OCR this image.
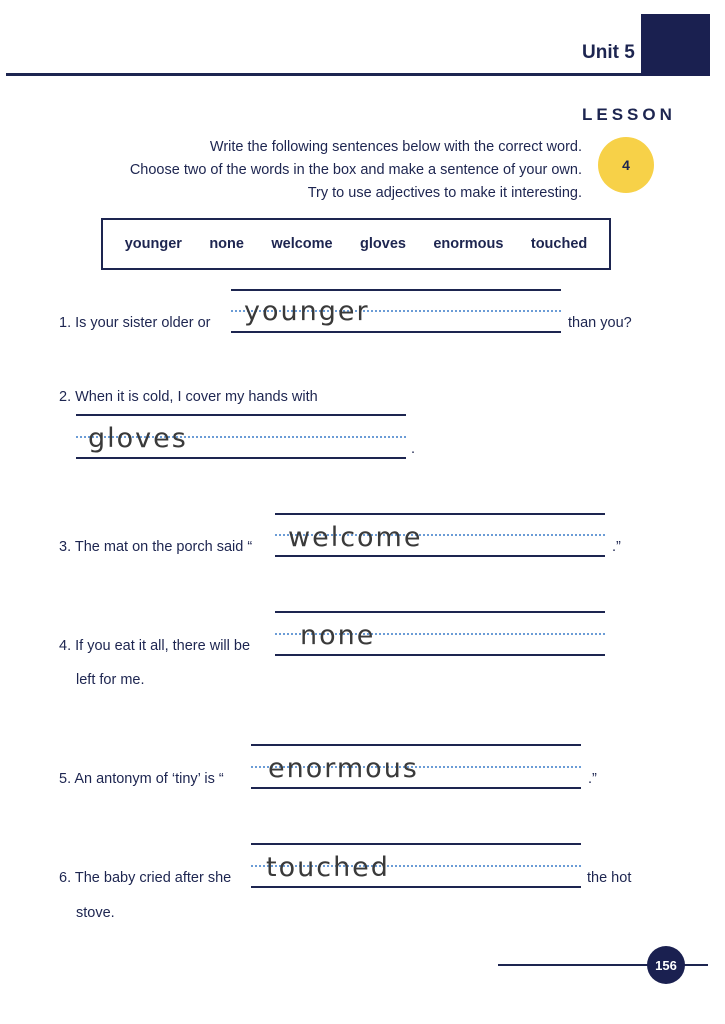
Unit 5
LESSON
4
Write the following sentences below with the correct word.
Choose two of the words in the box and make a sentence of your own.
Try to use adjectives to make it interesting.
younger none welcome gloves enormous touched
1. Is your sister older or younger	than you?
2. When it is cold, I cover my hands with
gloves	.
3. The mat on the porch said “ welcome	.”
4. If you eat it all, there will be none
left for me.
5. An antonym of ‘tiny’ is “ enormous	.”
6. The baby cried after she touched	the hot
stove.
156
